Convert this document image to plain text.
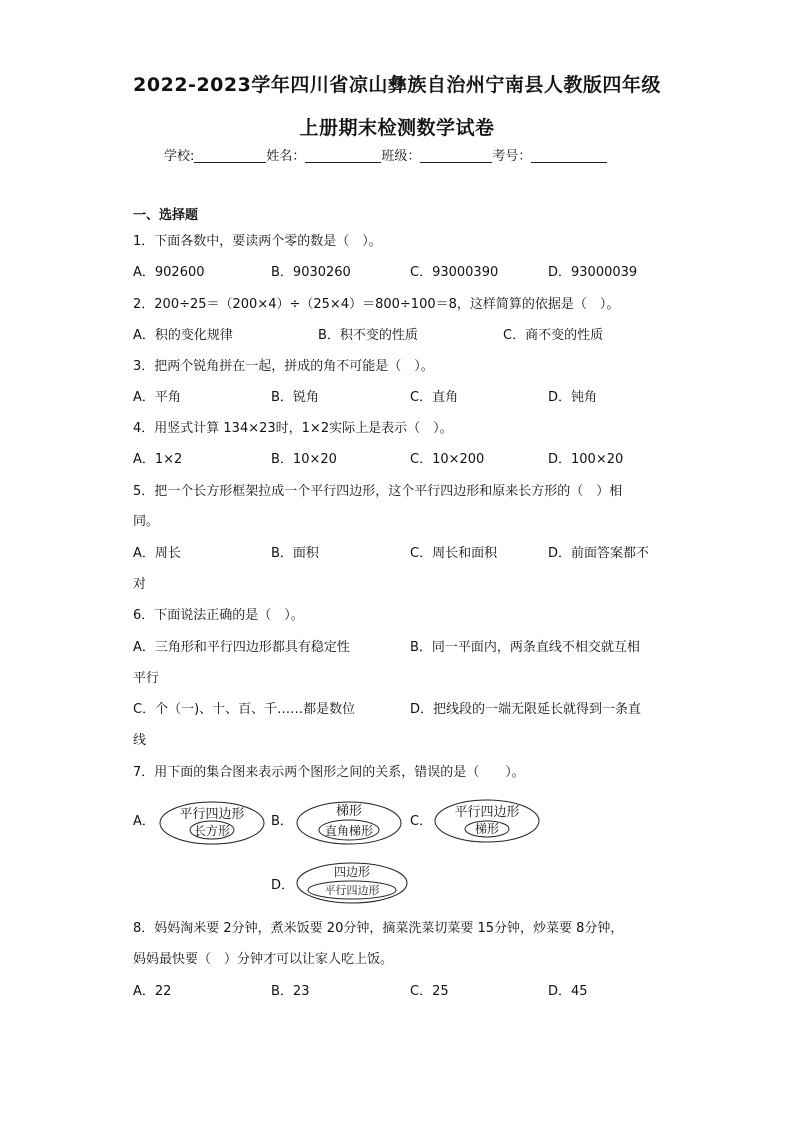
2022-2023学年四川省凉山彝族自治州宁南县人教版四年级
上册期末检测数学试卷
学校:	姓名：	班级：	考号：
一、选择题
1．下面各数中，要读两个零的数是（　）。
A．902600	B．9030260	C．93000390	D．93000039
2．200÷25＝（200×4）÷（25×4）＝800÷100＝8，这样简算的依据是（　）。
A．积的变化规律	B．积不变的性质	C．商不变的性质
3．把两个锐角拼在一起，拼成的角不可能是（　）。
A．平角	B．锐角	C．直角	D．钝角
4．用竖式计算 134×23时，1×2实际上是表示（　）。
A．1×2	B．10×20	C．10×200	D．100×20
5．把一个长方形框架拉成一个平行四边形，这个平行四边形和原来长方形的（　）相
同。
A．周长	B．面积	C．周长和面积	D．前面答案都不
对
6．下面说法正确的是（　）。
A．三角形和平行四边形都具有稳定性	B．同一平面内，两条直线不相交就互相
平行
C．个（一)、十、百、千……都是数位	D．把线段的一端无限延长就得到一条直
线
7．用下面的集合图来表示两个图形之间的关系，错误的是（　　）。
A． 平行四边形
长方形
B．
梯形
直角梯形
C．
平行四边形
梯形
D．
四边形
平行四边形
8．妈妈淘米要 2分钟，煮米饭要 20分钟，摘菜洗菜切菜要 15分钟，炒菜要 8分钟，
妈妈最快要（　）分钟才可以让家人吃上饭。
A．22	B．23	C．25	D．45
